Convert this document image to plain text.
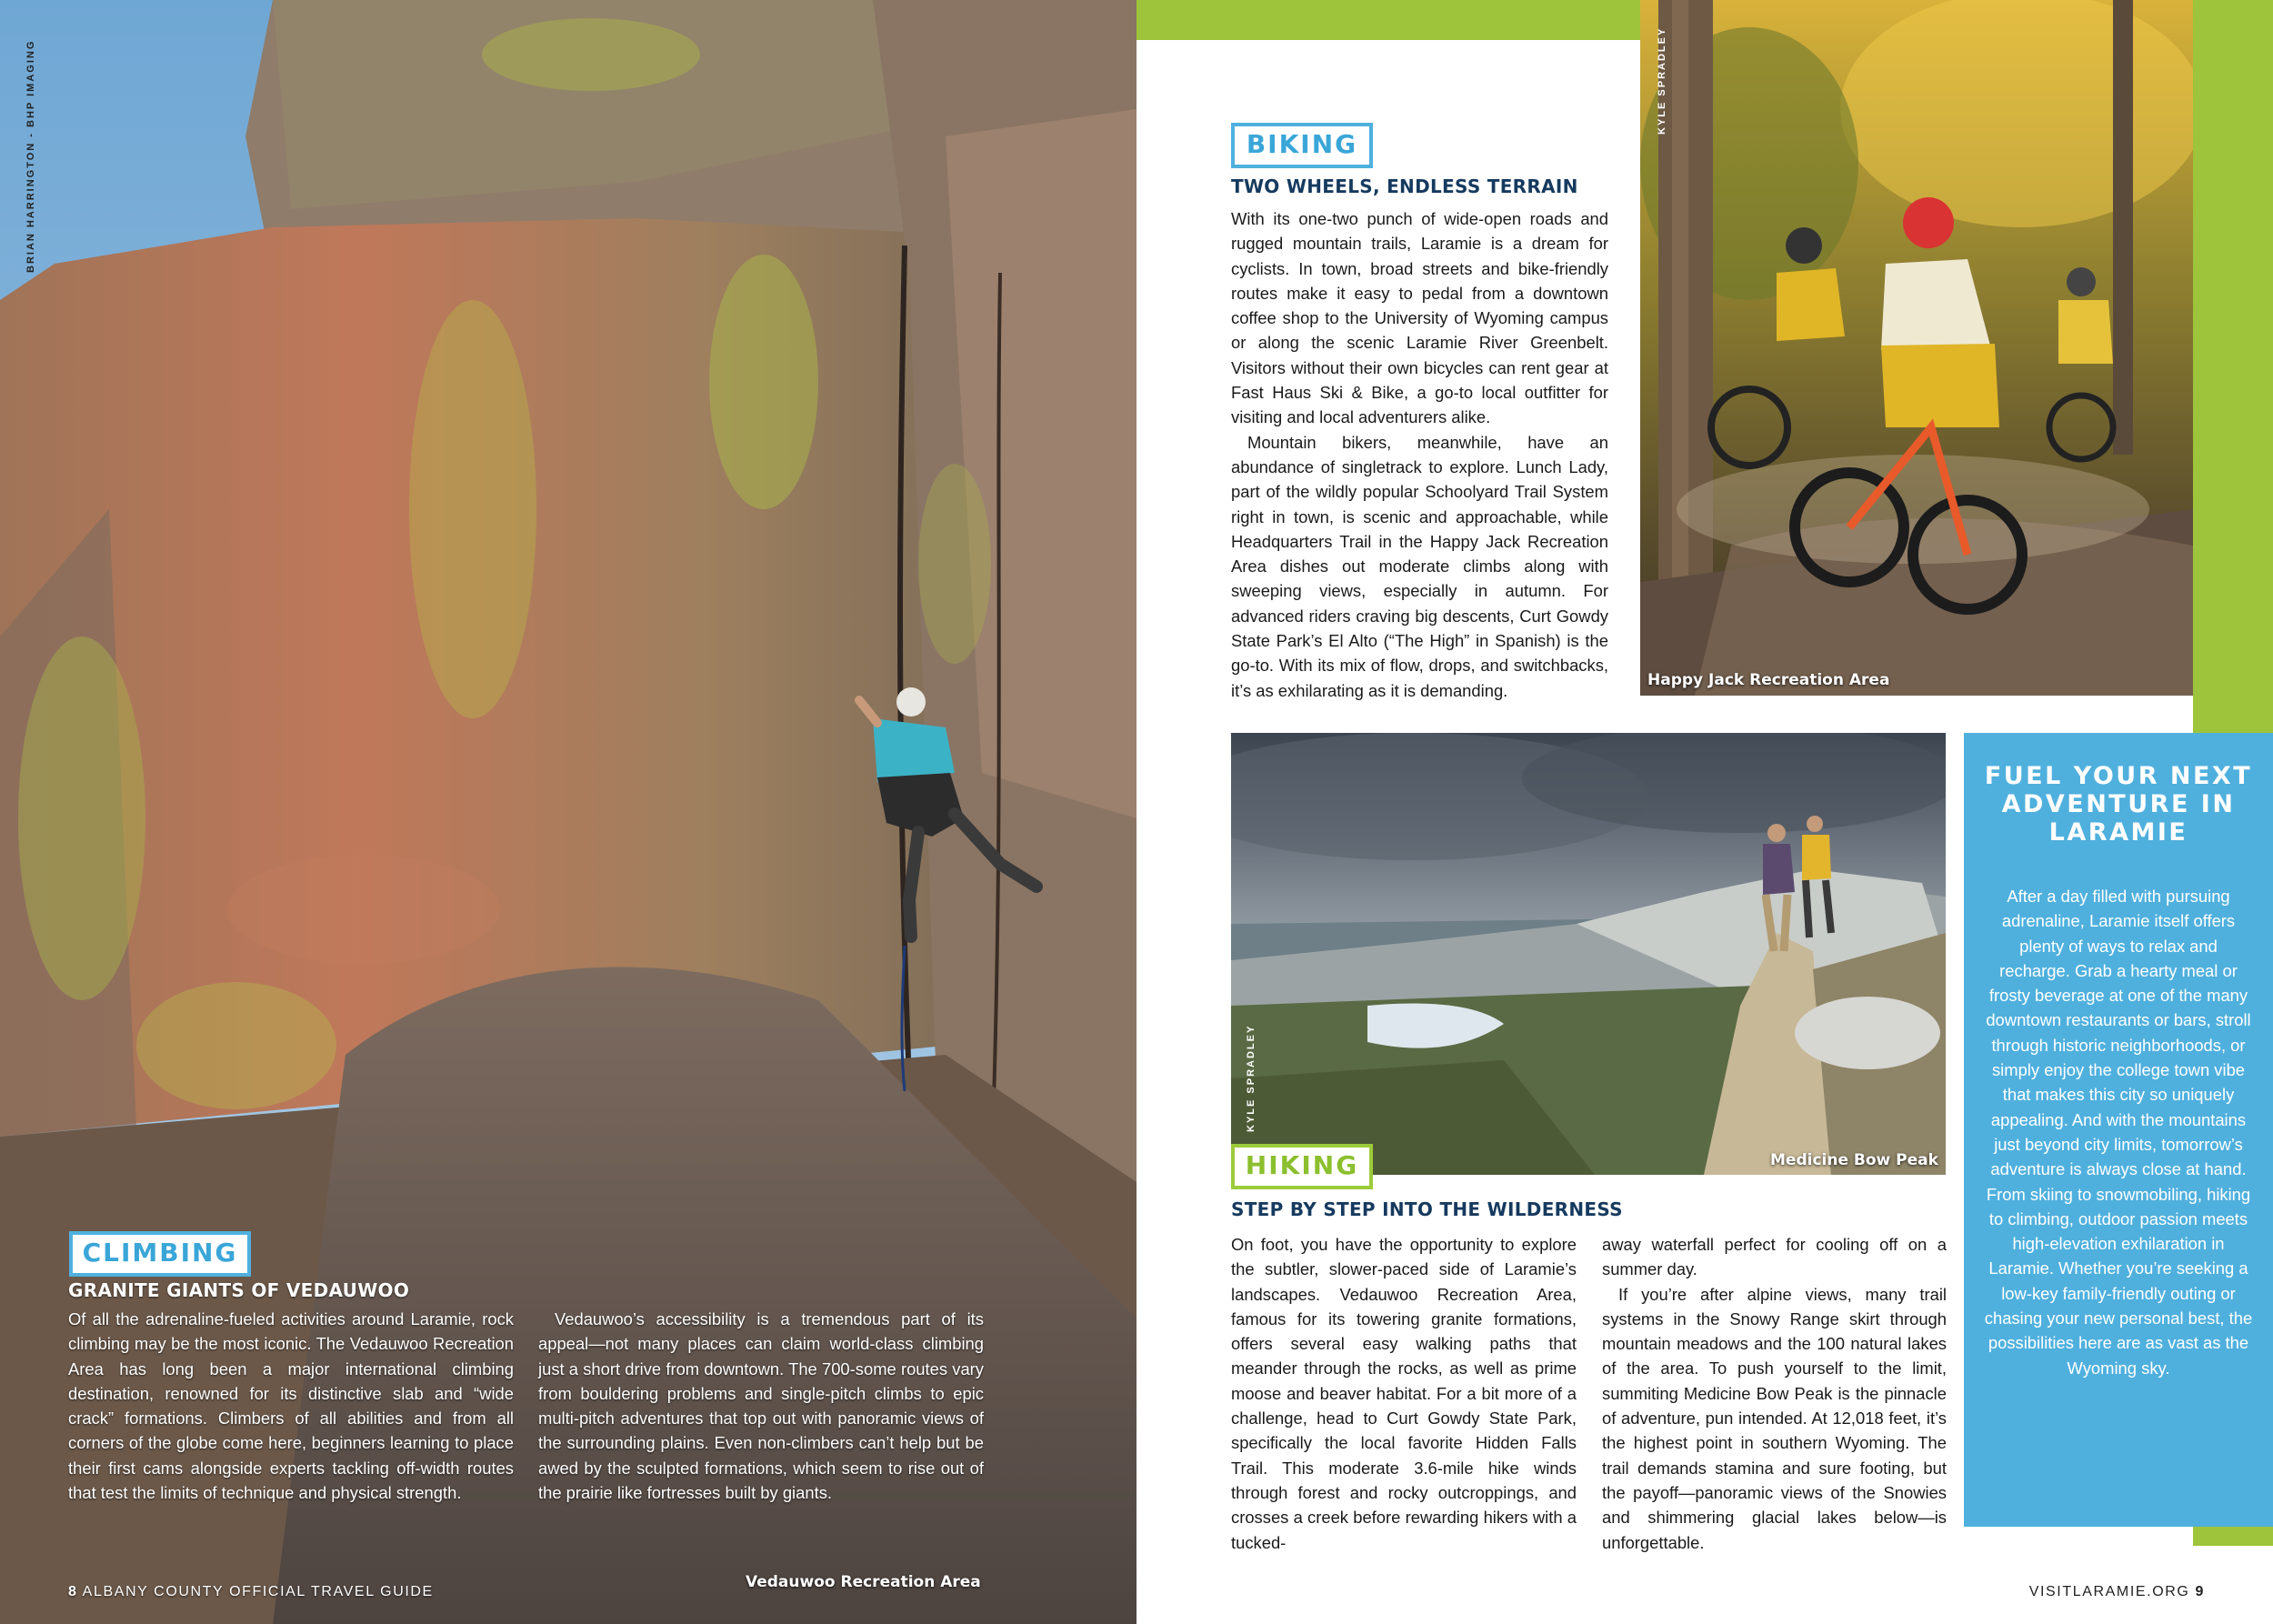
BRIAN HARRINGTON - BHP IMAGING
CLIMBING
GRANITE GIANTS OF VEDAUWOO

Of all the adrenaline-fueled activities around Laramie, rock climbing may be the most iconic. The Vedauwoo Recreation Area has long been a major international climbing destination, renowned for its distinctive slab and “wide crack” formations. Climbers of all abilities and from all corners of the globe come here, beginners learning to place their first cams alongside experts tackling off-width routes that test the limits of technique and physical strength.

Vedauwoo’s accessibility is a tremendous part of its appeal—not many places can claim world-class climbing just a short drive from downtown. The 700-some routes vary from bouldering problems and single-pitch climbs to epic multi-pitch adventures that top out with panoramic views of the surrounding plains. Even non-climbers can’t help but be awed by the sculpted formations, which seem to rise out of the prairie like fortresses built by giants.

Vedauwoo Recreation Area
8 ALBANY COUNTY OFFICIAL TRAVEL GUIDE
BIKING
TWO WHEELS, ENDLESS TERRAIN

With its one-two punch of wide-open roads and rugged mountain trails, Laramie is a dream for cyclists. In town, broad streets and bike-friendly routes make it easy to pedal from a downtown coffee shop to the University of Wyoming campus or along the scenic Laramie River Greenbelt. Visitors without their own bicycles can rent gear at Fast Haus Ski & Bike, a go-to local outfitter for visiting and local adventurers alike.

Mountain bikers, meanwhile, have an abundance of singletrack to explore. Lunch Lady, part of the wildly popular Schoolyard Trail System right in town, is scenic and approachable, while Headquarters Trail in the Happy Jack Recreation Area dishes out moderate climbs along with sweeping views, especially in autumn. For advanced riders craving big descents, Curt Gowdy State Park’s El Alto (“The High” in Spanish) is the go-to. With its mix of flow, drops, and switchbacks, it’s as exhilarating as it is demanding.

KYLE SPRADLEY
Happy Jack Recreation Area
KYLE SPRADLEY
Medicine Bow Peak
HIKING
STEP BY STEP INTO THE WILDERNESS

On foot, you have the opportunity to explore the subtler, slower-paced side of Laramie’s landscapes. Vedauwoo Recreation Area, famous for its towering granite formations, offers several easy walking paths that meander through the rocks, as well as prime moose and beaver habitat. For a bit more of a challenge, head to Curt Gowdy State Park, specifically the local favorite Hidden Falls Trail. This moderate 3.6-mile hike winds through forest and rocky outcroppings, and crosses a creek before rewarding hikers with a tucked-

away waterfall perfect for cooling off on a summer day.

If you’re after alpine views, many trail systems in the Snowy Range skirt through mountain meadows and the 100 natural lakes of the area. To push yourself to the limit, summiting Medicine Bow Peak is the pinnacle of adventure, pun intended. At 12,018 feet, it’s the highest point in southern Wyoming. The trail demands stamina and sure footing, but the payoff—panoramic views of the Snowies and shimmering glacial lakes below—is unforgettable.

FUEL YOUR NEXT ADVENTURE IN LARAMIE
After a day filled with pursuing adrenaline, Laramie itself offers plenty of ways to relax and recharge. Grab a hearty meal or frosty beverage at one of the many downtown restaurants or bars, stroll through historic neighborhoods, or simply enjoy the college town vibe that makes this city so uniquely appealing. And with the mountains just beyond city limits, tomorrow’s adventure is always close at hand. From skiing to snowmobiling, hiking to climbing, outdoor passion meets high-elevation exhilaration in Laramie. Whether you’re seeking a low-key family-friendly outing or chasing your new personal best, the possibilities here are as vast as the Wyoming sky.
VISITLARAMIE.ORG 9
